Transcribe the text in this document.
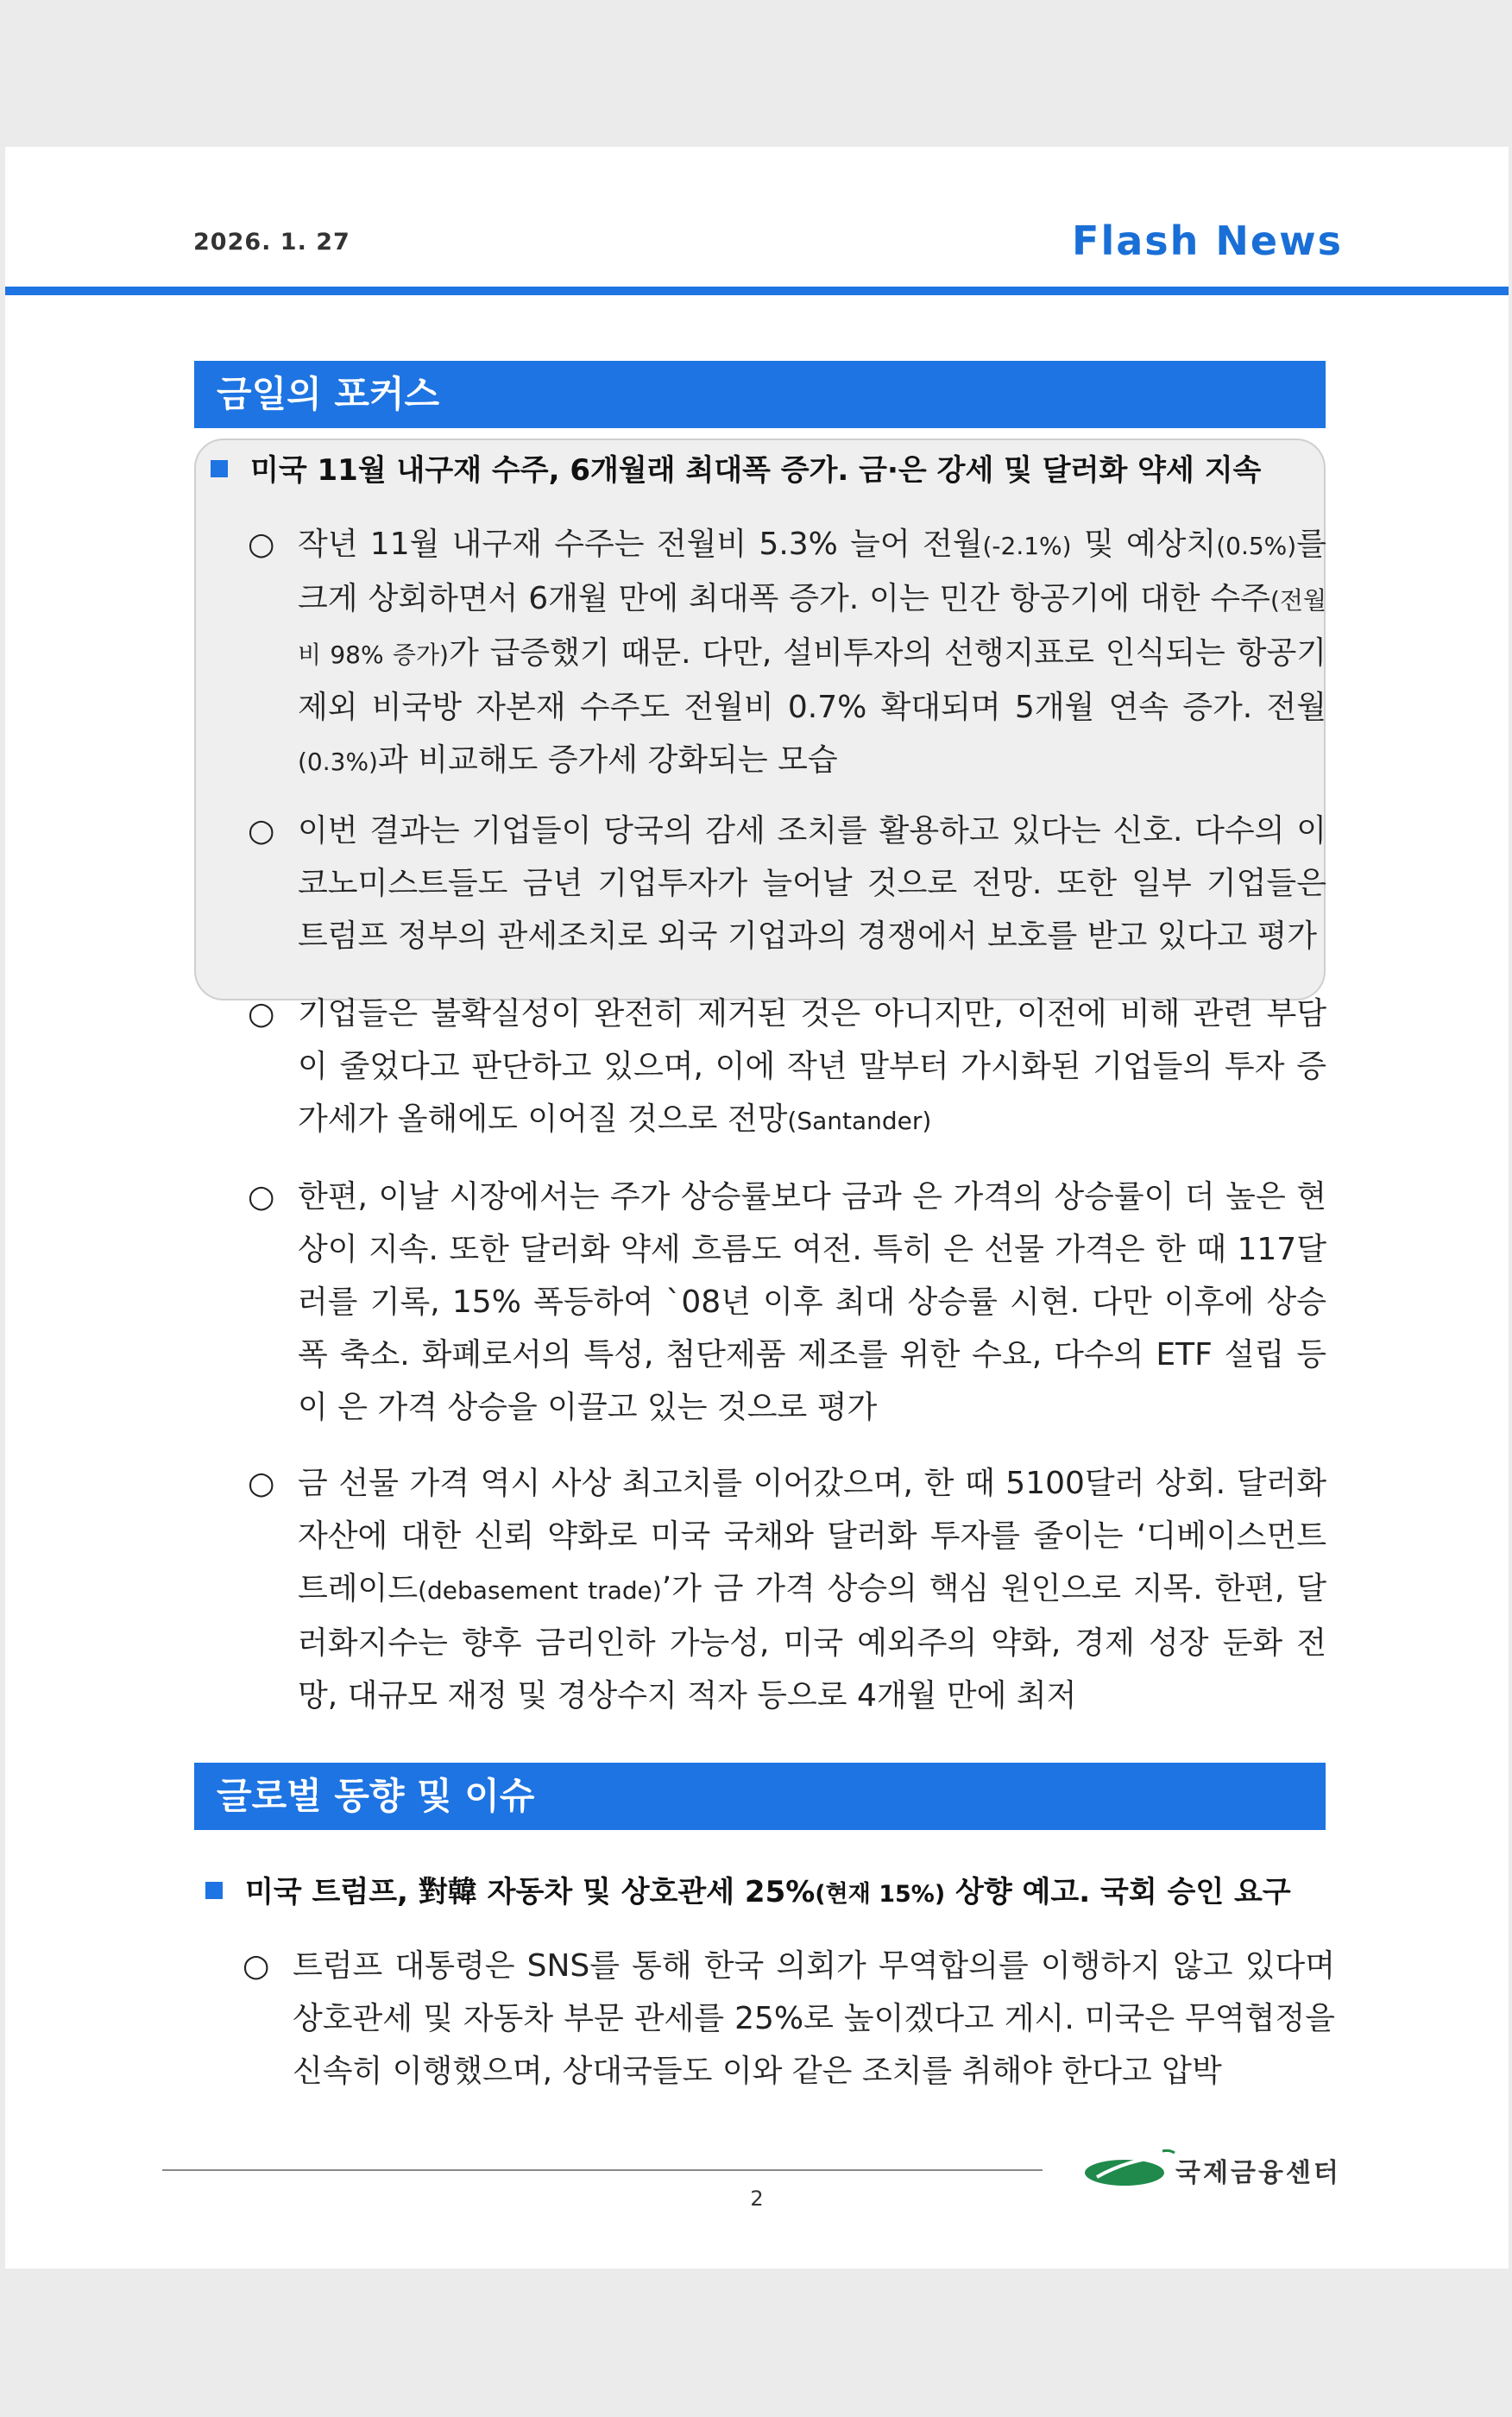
2026. 1. 27	Flash News
금일의 포커스
미국 11월 내구재 수주, 6개월래 최대폭 증가. 금·은 강세 및 달러화 약세 지속
○ 작년 11월 내구재 수주는 전월비 5.3% 늘어 전월(-2.1%) 및 예상치(0.5%)를 크게 상회하면서 6개월 만에 최대폭 증가. 이는 민간 항공기에 대한 수주(전월비 98% 증가)가 급증했기 때문. 다만, 설비투자의 선행지표로 인식되는 항공기 제외 비국방 자본재 수주도 전월비 0.7% 확대되며 5개월 연속 증가. 전월(0.3%)과 비교해도 증가세 강화되는 모습
○ 이번 결과는 기업들이 당국의 감세 조치를 활용하고 있다는 신호. 다수의 이코노미스트들도 금년 기업투자가 늘어날 것으로 전망. 또한 일부 기업들은 트럼프 정부의 관세조치로 외국 기업과의 경쟁에서 보호를 받고 있다고 평가
○ 기업들은 불확실성이 완전히 제거된 것은 아니지만, 이전에 비해 관련 부담이 줄었다고 판단하고 있으며, 이에 작년 말부터 가시화된 기업들의 투자 증가세가 올해에도 이어질 것으로 전망(Santander)
○ 한편, 이날 시장에서는 주가 상승률보다 금과 은 가격의 상승률이 더 높은 현상이 지속. 또한 달러화 약세 흐름도 여전. 특히 은 선물 가격은 한 때 117달러를 기록, 15% 폭등하여 `08년 이후 최대 상승률 시현. 다만 이후에 상승폭 축소. 화폐로서의 특성, 첨단제품 제조를 위한 수요, 다수의 ETF 설립 등이 은 가격 상승을 이끌고 있는 것으로 평가
○ 금 선물 가격 역시 사상 최고치를 이어갔으며, 한 때 5100달러 상회. 달러화 자산에 대한 신뢰 약화로 미국 국채와 달러화 투자를 줄이는 ‘디베이스먼트 트레이드(debasement trade)’가 금 가격 상승의 핵심 원인으로 지목. 한편, 달러화지수는 향후 금리인하 가능성, 미국 예외주의 약화, 경제 성장 둔화 전망, 대규모 재정 및 경상수지 적자 등으로 4개월 만에 최저
글로벌 동향 및 이슈
미국 트럼프, 對韓 자동차 및 상호관세 25%(현재 15%) 상향 예고. 국회 승인 요구
○ 트럼프 대통령은 SNS를 통해 한국 의회가 무역합의를 이행하지 않고 있다며 상호관세 및 자동차 부문 관세를 25%로 높이겠다고 게시. 미국은 무역협정을 신속히 이행했으며, 상대국들도 이와 같은 조치를 취해야 한다고 압박
국제금융센터
2
